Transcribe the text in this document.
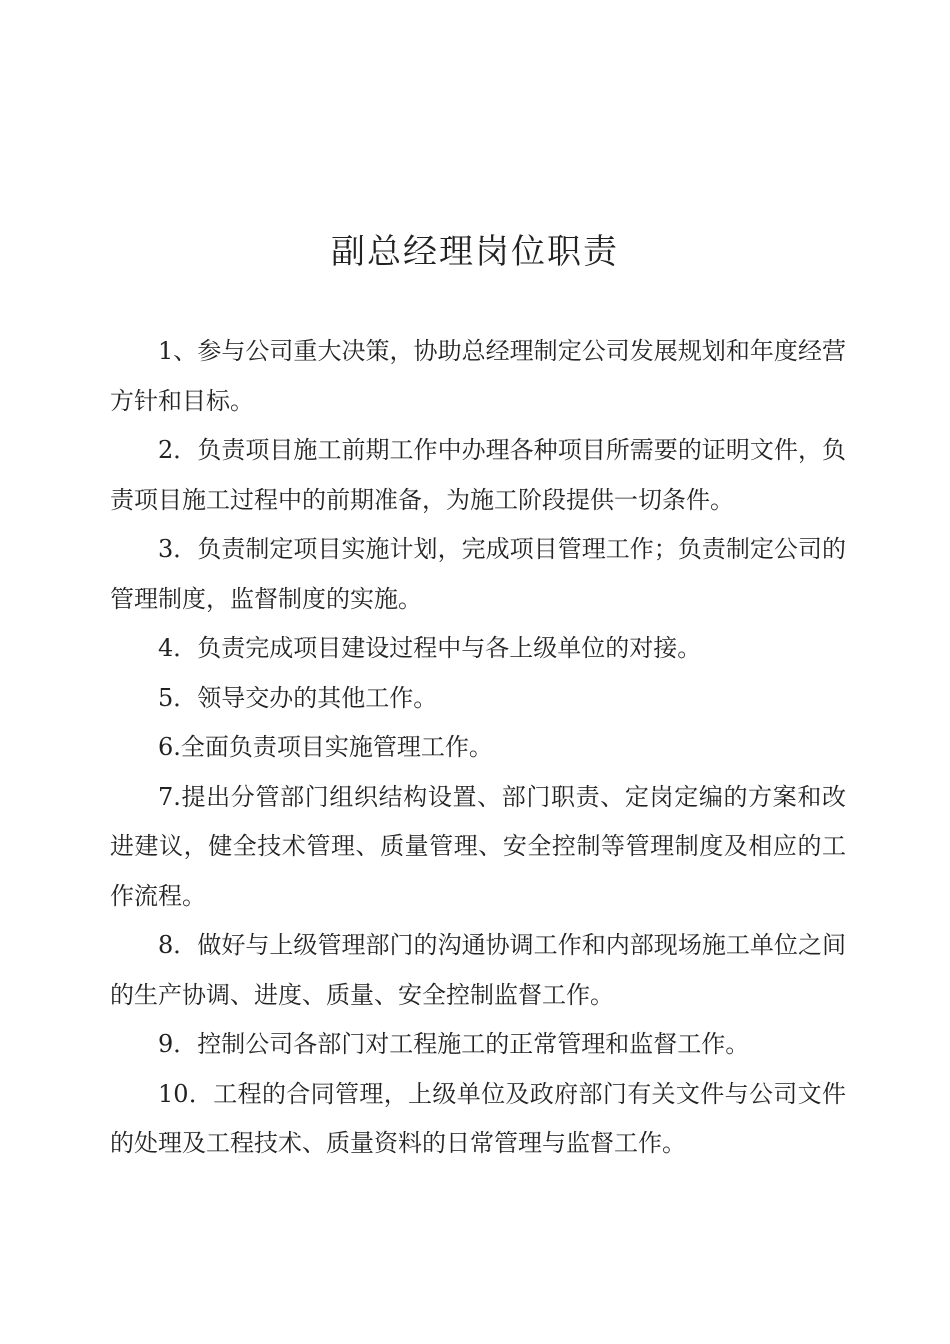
副总经理岗位职责

1、参与公司重大决策，协助总经理制定公司发展规划和年度经营方针和目标。

2．负责项目施工前期工作中办理各种项目所需要的证明文件，负责项目施工过程中的前期准备，为施工阶段提供一切条件。

3．负责制定项目实施计划，完成项目管理工作；负责制定公司的管理制度，监督制度的实施。

4．负责完成项目建设过程中与各上级单位的对接。

5．领导交办的其他工作。

6.全面负责项目实施管理工作。

7.提出分管部门组织结构设置、部门职责、定岗定编的方案和改进建议，健全技术管理、质量管理、安全控制等管理制度及相应的工作流程。

8．做好与上级管理部门的沟通协调工作和内部现场施工单位之间的生产协调、进度、质量、安全控制监督工作。

9．控制公司各部门对工程施工的正常管理和监督工作。

10．工程的合同管理，上级单位及政府部门有关文件与公司文件的处理及工程技术、质量资料的日常管理与监督工作。
